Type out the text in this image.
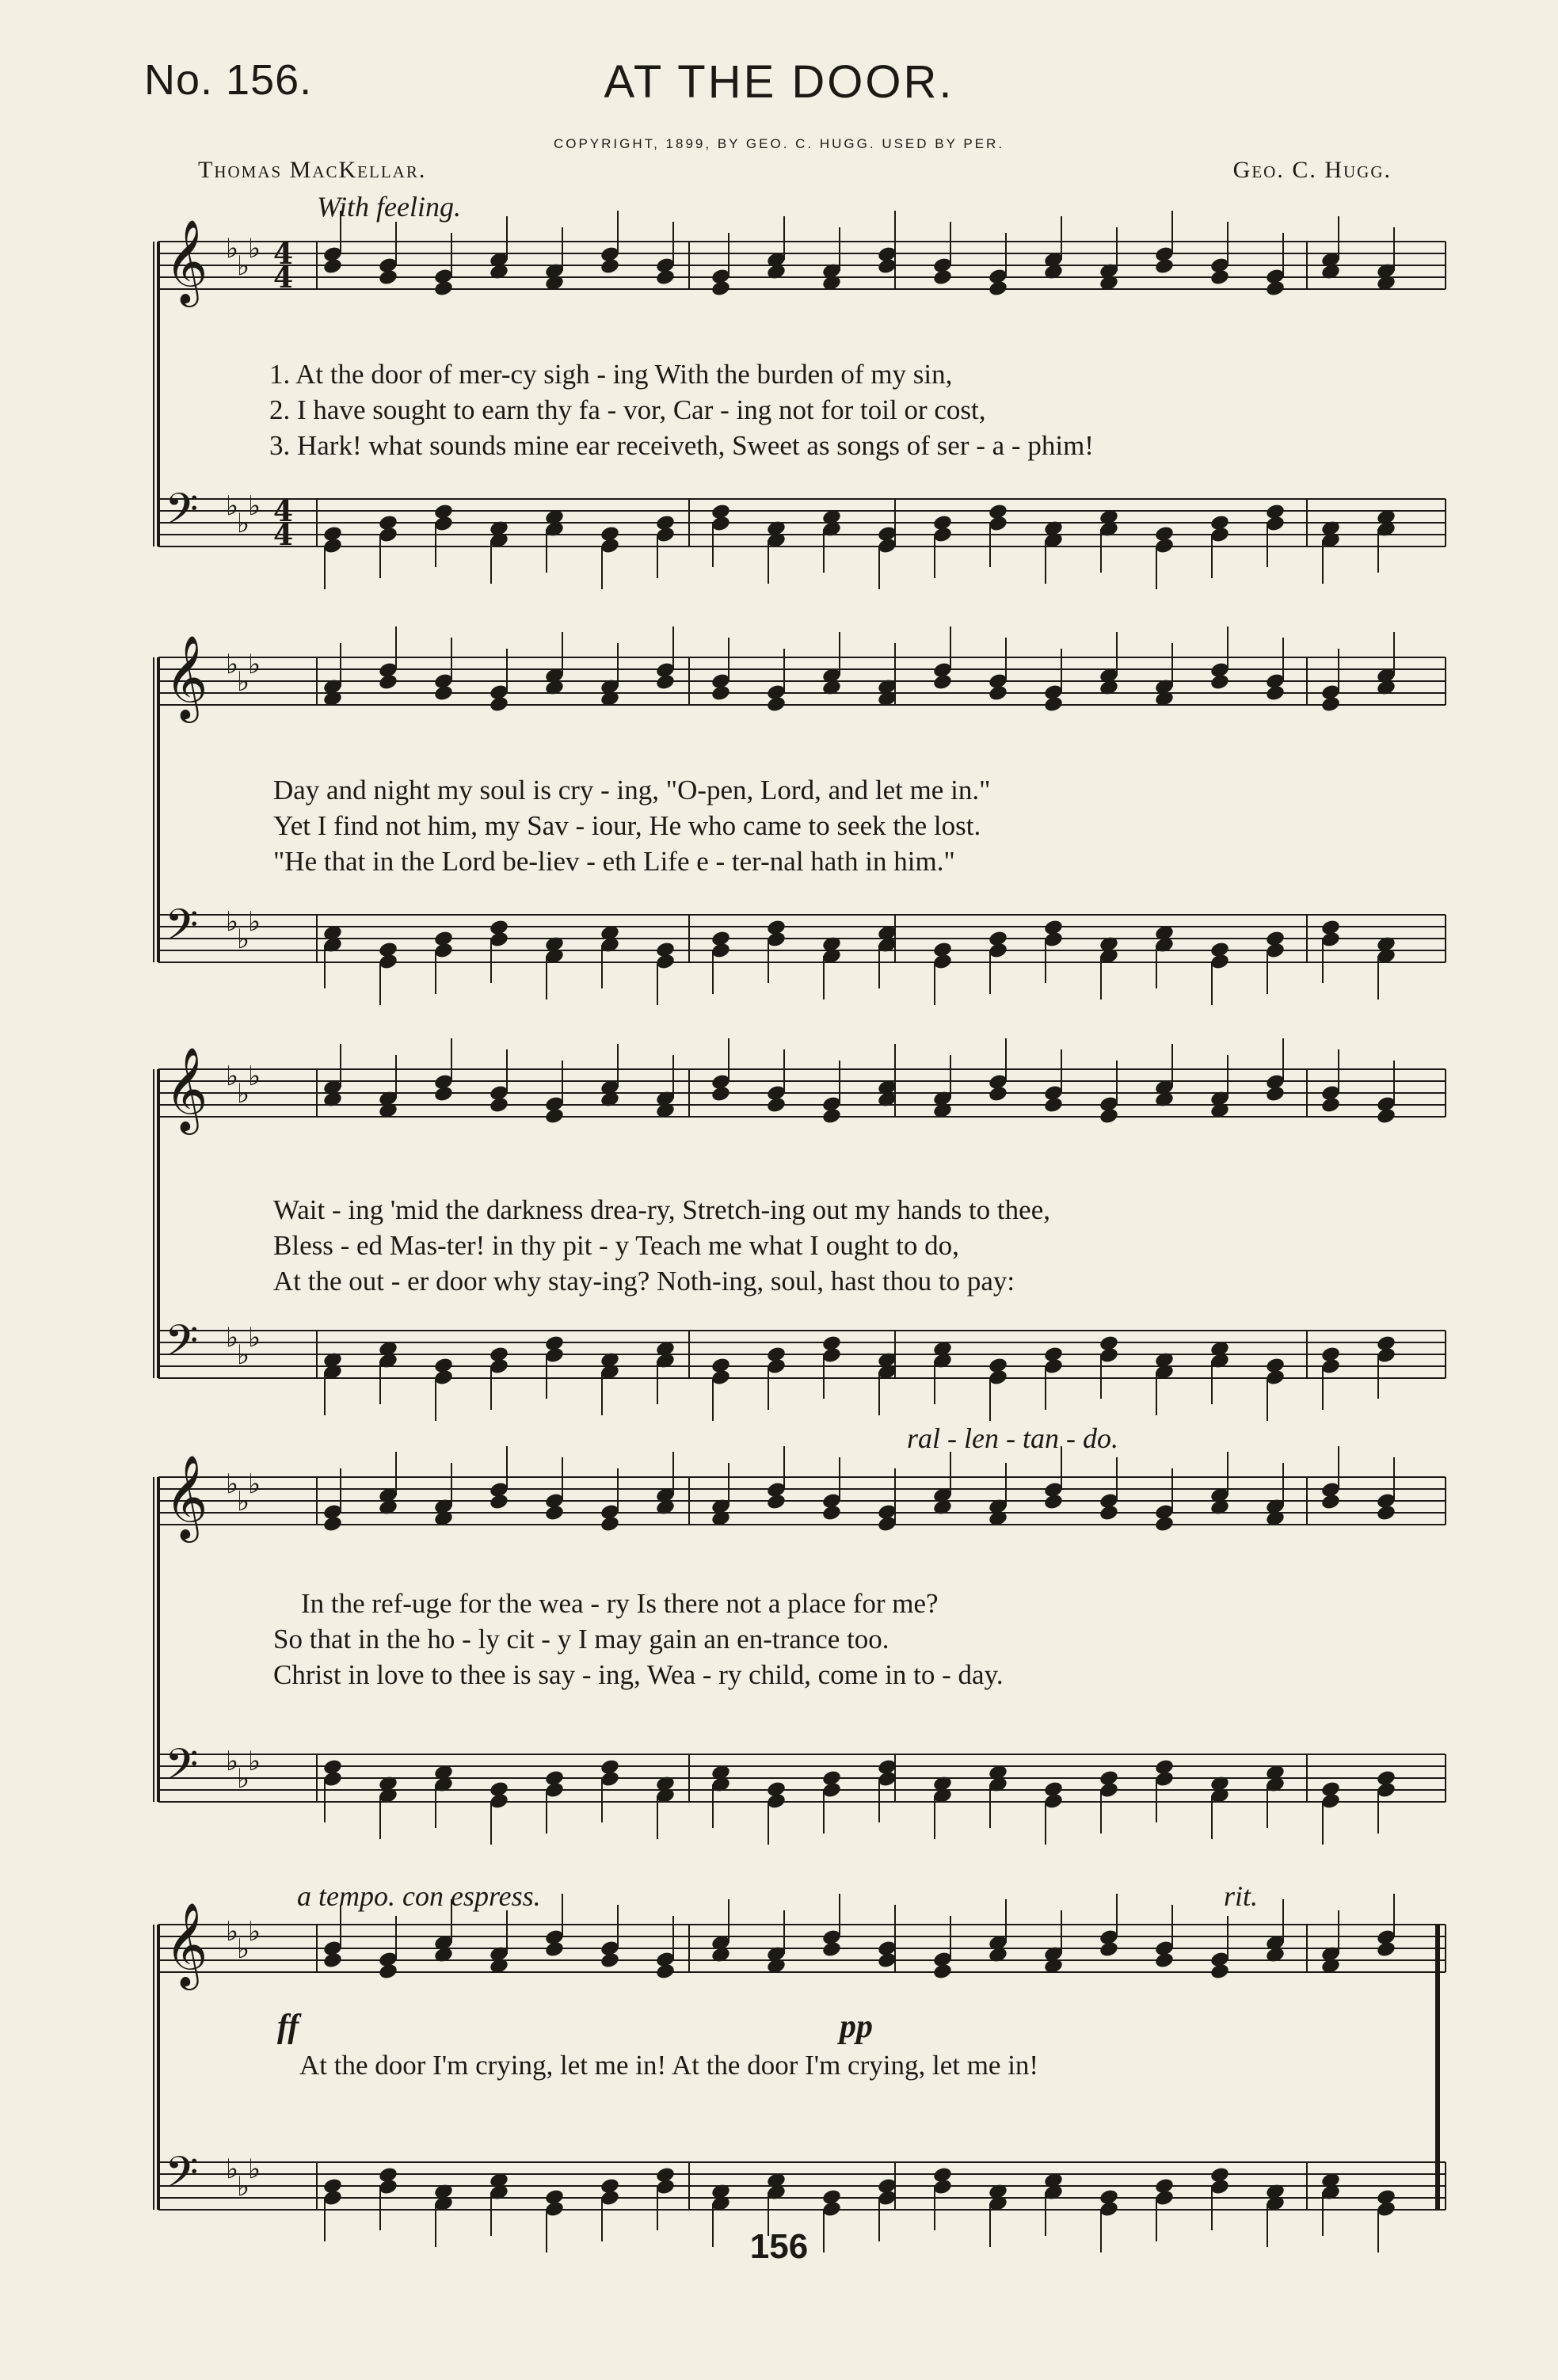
No. 156.	AT THE DOOR.
COPYRIGHT, 1899, BY GEO. C. HUGG. USED BY PER.
Thomas MacKellar.	Geo. C. Hugg.
With feeling.
𝄞 ♭
♭
♭
𝄢 ♭
♭
♭
𝄞 ♭
♭
♭
𝄢 ♭
♭
♭
𝄞 ♭
♭
♭
𝄢 ♭
♭
♭
𝄞 ♭
♭
♭
𝄢 ♭
♭
♭
𝄞 ♭
♭
♭
𝄢 ♭
♭
♭
4
4
4
4
1. At the door of mer-cy sigh - ing With the burden of my sin,
2. I have sought to earn thy fa - vor, Car - ing not for toil or cost,
3. Hark! what sounds mine ear receiveth, Sweet as songs of ser - a - phim!
Day and night my soul is cry - ing, "O-pen, Lord, and let me in."
Yet I find not him, my Sav - iour, He who came to seek the lost.
"He that in the Lord be-liev - eth Life e - ter-nal hath in him."
Wait - ing 'mid the darkness drea-ry, Stretch-ing out my hands to thee,
Bless - ed Mas-ter! in thy pit - y Teach me what I ought to do,
At the out - er door why stay-ing? Noth-ing, soul, hast thou to pay:
ral - len - tan - do.
In the ref-uge for the wea - ry Is there not a place for me?
So that in the ho - ly cit - y I may gain an en-trance too.
Christ in love to thee is say - ing, Wea - ry child, come in to - day.
a tempo. con espress.	rit.
ff	pp
At the door I'm crying, let me in! At the door I'm crying, let me in!
156
